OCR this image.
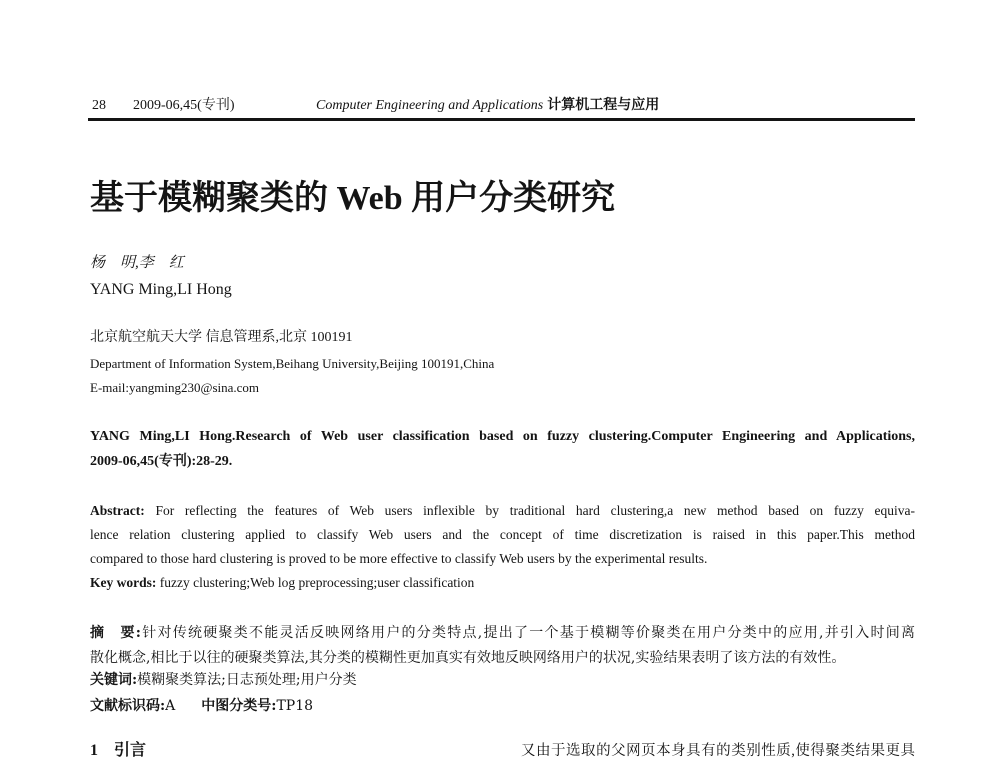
28 2009-06,45(专刊)	Computer Engineering and Applications 计算机工程与应用
基于模糊聚类的 Web 用户分类研究
杨　明,李　红
YANG Ming,LI Hong
北京航空航天大学 信息管理系,北京 100191
Department of Information System,Beihang University,Beijing 100191,China
E-mail:yangming230@sina.com
YANG Ming,LI Hong.Research of Web user classification based on fuzzy clustering.Computer Engineering and Applications,
2009-06,45(专刊):28-29.
Abstract: For reflecting the features of Web users inflexible by traditional hard clustering,a new method based on fuzzy equiva-
lence relation clustering applied to classify Web users and the concept of time discretization is raised in this paper.This method
compared to those hard clustering is proved to be more effective to classify Web users by the experimental results.
Key words: fuzzy clustering;Web log preprocessing;user classification
摘　要:针对传统硬聚类不能灵活反映网络用户的分类特点,提出了一个基于模糊等价聚类在用户分类中的应用,并引入时间离
散化概念,相比于以往的硬聚类算法,其分类的模糊性更加真实有效地反映网络用户的状况,实验结果表明了该方法的有效性。
关键词:模糊聚类算法;日志预处理;用户分类
文献标识码:A 中图分类号:TP18
1　引言	又由于选取的父网页本身具有的类别性质,使得聚类结果更具
